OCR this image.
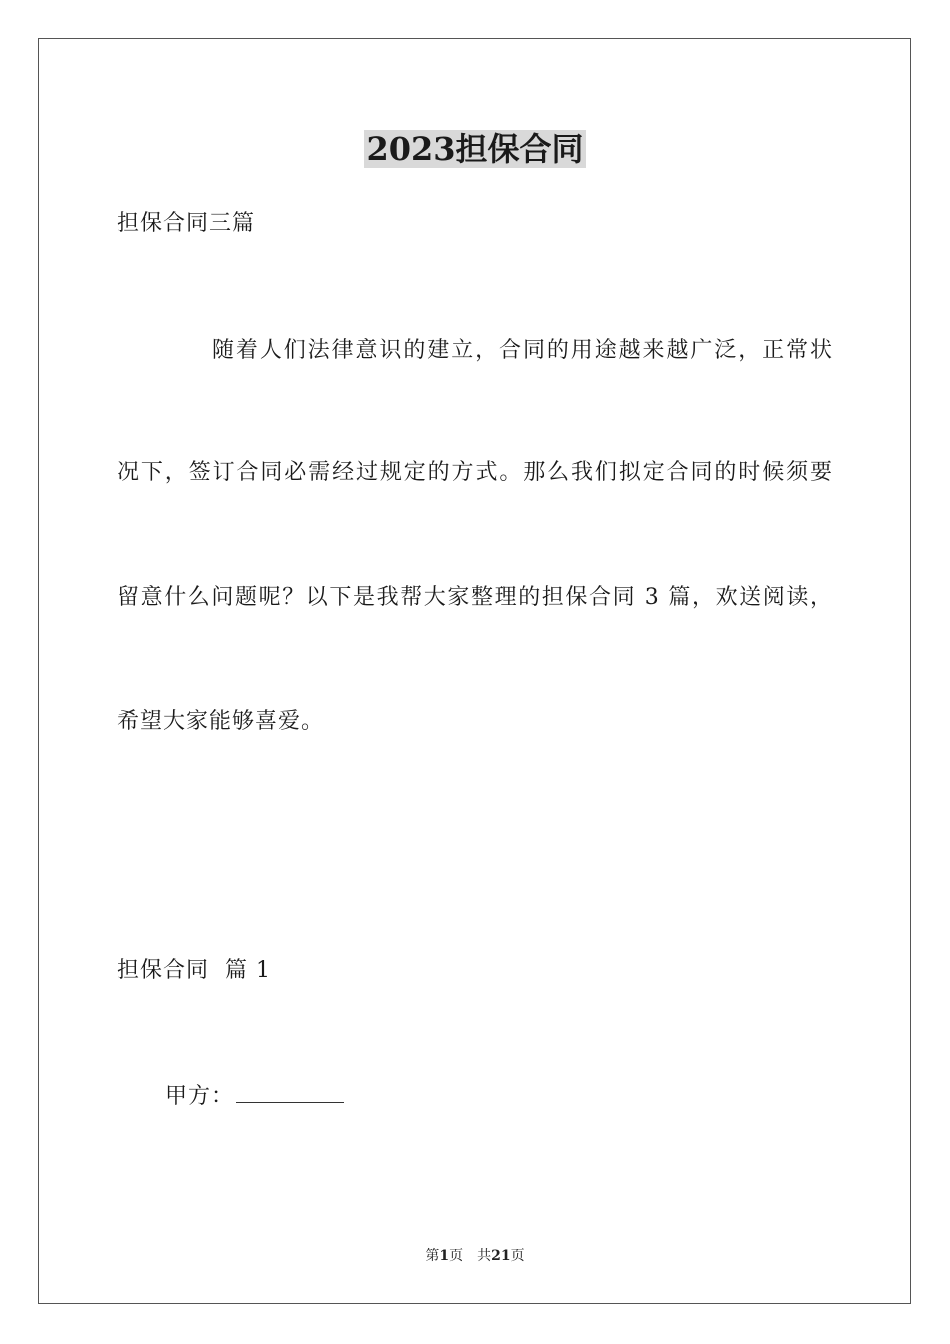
2023担保合同
担保合同三篇
随着人们法律意识的建立，合同的用途越来越广泛，正常状
况下，签订合同必需经过规定的方式。那么我们拟定合同的时候须要
留意什么问题呢？以下是我帮大家整理的担保合同 3 篇，欢送阅读，
希望大家能够喜爱。
担保合同  篇 1
甲方：
第1页 共21页
